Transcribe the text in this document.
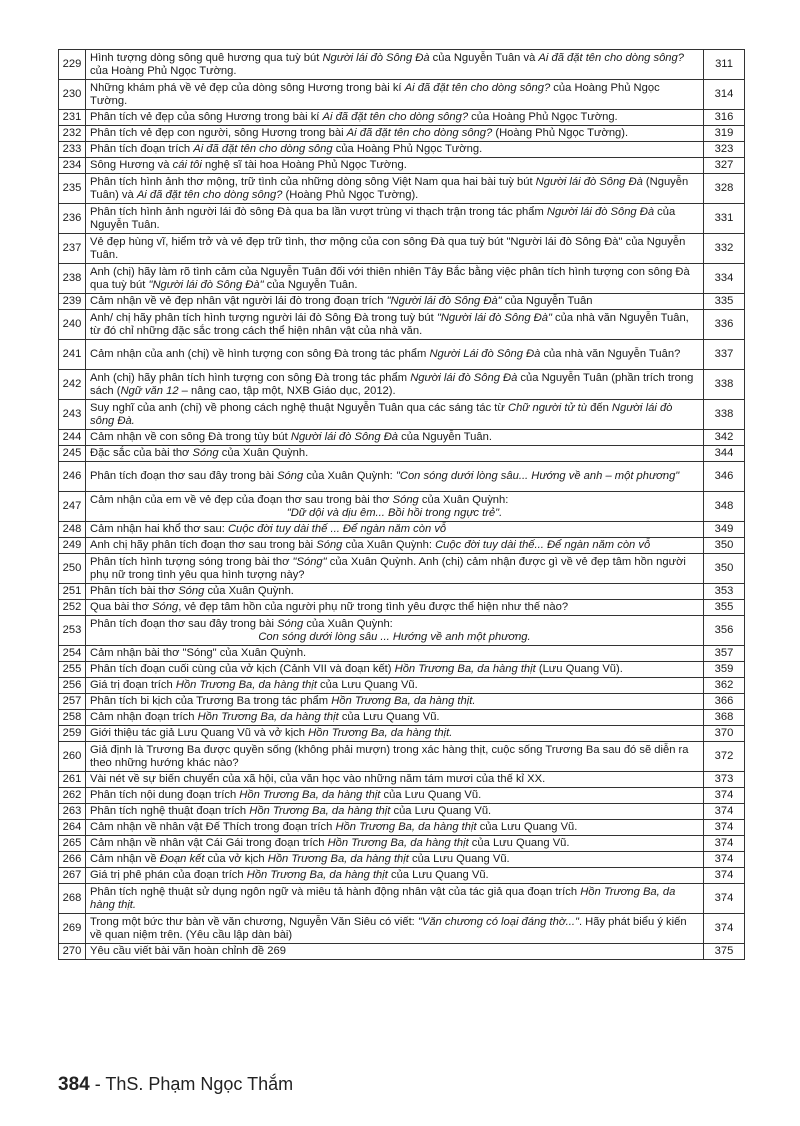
229	Hình tượng dòng sông quê hương qua tuỳ bút Người lái đò Sông Đà của Nguyễn Tuân và Ai đã đặt tên cho dòng sông? của Hoàng Phủ Ngọc Tường.	311
230	Những khám phá về vẻ đẹp của dòng sông Hương trong bài kí Ai đã đặt tên cho dòng sông? của Hoàng Phủ Ngọc Tường.	314
231	Phân tích vẻ đẹp của sông Hương trong bài kí Ai đã đặt tên cho dòng sông? của Hoàng Phủ Ngọc Tường.	316
232	Phân tích vẻ đẹp con người, sông Hương trong bài Ai đã đặt tên cho dòng sông? (Hoàng Phủ Ngọc Tường).	319
233	Phân tích đoạn trích Ai đã đặt tên cho dòng sông của Hoàng Phủ Ngọc Tường.	323
234	Sông Hương và cái tôi nghệ sĩ tài hoa Hoàng Phủ Ngọc Tường.	327
235	Phân tích hình ảnh thơ mộng, trữ tình của những dòng sông Việt Nam qua hai bài tuỳ bút Người lái đò Sông Đà (Nguyễn Tuân) và Ai đã đặt tên cho dòng sông? (Hoàng Phủ Ngọc Tường).	328
236	Phân tích hình ảnh người lái đò sông Đà qua ba lần vượt trùng vi thạch trận trong tác phẩm Người lái đò Sông Đà của Nguyễn Tuân.	331
237	Vẻ đẹp hùng vĩ, hiểm trở và vẻ đẹp trữ tình, thơ mộng của con sông Đà qua tuỳ bút "Người lái đò Sông Đà" của Nguyễn Tuân.	332
238	Anh (chị) hãy làm rõ tình cảm của Nguyễn Tuân đối với thiên nhiên Tây Bắc bằng việc phân tích hình tượng con sông Đà qua tuỳ bút "Người lái đò Sông Đà" của Nguyễn Tuân.	334
239	Cảm nhận về vẻ đẹp nhân vật người lái đò trong đoạn trích "Người lái đò Sông Đà" của Nguyễn Tuân	335
240	Anh/ chị hãy phân tích hình tượng người lái đò Sông Đà trong tuỳ bút "Người lái đò Sông Đà" của nhà văn Nguyễn Tuân, từ đó chỉ những đặc sắc trong cách thể hiện nhân vật của nhà văn.	336
241	Cảm nhận của anh (chị) về hình tượng con sông Đà trong tác phẩm Người Lái đò Sông Đà của nhà văn Nguyễn Tuân?	337
242	Anh (chị) hãy phân tích hình tượng con sông Đà trong tác phẩm Người lái đò Sông Đà của Nguyễn Tuân (phần trích trong sách (Ngữ văn 12 – nâng cao, tập một, NXB Giáo dục, 2012).	338
243	Suy nghĩ của anh (chị) về phong cách nghệ thuật Nguyễn Tuân qua các sáng tác từ Chữ người tử tù đến Người lái đò sông Đà.	338
244	Cảm nhận về con sông Đà trong tùy bút Người lái đò Sông Đà của Nguyễn Tuân.	342
245	Đặc sắc của bài thơ Sóng của Xuân Quỳnh.	344
246	Phân tích đoạn thơ sau đây trong bài Sóng của Xuân Quỳnh: "Con sóng dưới lòng sâu... Hướng về anh – một phương"	346
247	Cảm nhận của em về vẻ đẹp của đoạn thơ sau trong bài thơ Sóng của Xuân Quỳnh:
"Dữ dội và dịu êm... Bồi hồi trong ngực trẻ".	348
248	Cảm nhận hai khổ thơ sau: Cuộc đời tuy dài thế ... Để ngàn năm còn vỗ	349
249	Anh chị hãy phân tích đoạn thơ sau trong bài Sóng của Xuân Quỳnh: Cuộc đời tuy dài thế... Để ngàn năm còn vỗ	350
250	Phân tích hình tượng sóng trong bài thơ "Sóng" của Xuân Quỳnh. Anh (chị) cảm nhận được gì về vẻ đẹp tâm hồn người phụ nữ trong tình yêu qua hình tượng này?	350
251	Phân tích bài thơ Sóng của Xuân Quỳnh.	353
252	Qua bài thơ Sóng, vẻ đẹp tâm hồn của người phụ nữ trong tình yêu được thể hiện như thế nào?	355
253	Phân tích đoạn thơ sau đây trong bài Sóng của Xuân Quỳnh:
Con sóng dưới lòng sâu ... Hướng về anh một phương.	356
254	Cảm nhận bài thơ "Sóng" của Xuân Quỳnh.	357
255	Phân tích đoạn cuối cùng của vở kịch (Cảnh VII và đoạn kết) Hồn Trương Ba, da hàng thịt (Lưu Quang Vũ).	359
256	Giá trị đoạn trích Hồn Trương Ba, da hàng thịt của Lưu Quang Vũ.	362
257	Phân tích bi kịch của Trương Ba trong tác phẩm Hồn Trương Ba, da hàng thịt.	366
258	Cảm nhận đoạn trích Hồn Trương Ba, da hàng thịt của Lưu Quang Vũ.	368
259	Giới thiệu tác giả Lưu Quang Vũ và vở kịch Hồn Trương Ba, da hàng thịt.	370
260	Giả định là Trương Ba được quyền sống (không phải mượn) trong xác hàng thịt, cuộc sống Trương Ba sau đó sẽ diễn ra theo những hướng khác nào?	372
261	Vài nét về sự biến chuyển của xã hội, của văn học vào những năm tám mươi của thế kỉ XX.	373
262	Phân tích nội dung đoạn trích Hồn Trương Ba, da hàng thịt của Lưu Quang Vũ.	374
263	Phân tích nghệ thuật đoạn trích Hồn Trương Ba, da hàng thịt của Lưu Quang Vũ.	374
264	Cảm nhận về nhân vật Đế Thích trong đoạn trích Hồn Trương Ba, da hàng thịt của Lưu Quang Vũ.	374
265	Cảm nhận về nhân vật Cái Gái trong đoạn trích Hồn Trương Ba, da hàng thịt của Lưu Quang Vũ.	374
266	Cảm nhận về Đoạn kết của vở kịch Hồn Trương Ba, da hàng thịt của Lưu Quang Vũ.	374
267	Giá trị phê phán của đoạn trích Hồn Trương Ba, da hàng thịt của Lưu Quang Vũ.	374
268	Phân tích nghệ thuật sử dụng ngôn ngữ và miêu tả hành động nhân vật của tác giả qua đoạn trích Hồn Trương Ba, da hàng thịt.	374
269	Trong một bức thư bàn về văn chương, Nguyễn Văn Siêu có viết: "Văn chương có loại đáng thờ...". Hãy phát biểu ý kiến về quan niệm trên. (Yêu cầu lập dàn bài)	374
270	Yêu cầu viết bài văn hoàn chỉnh đề 269	375
384 - ThS. Phạm Ngọc Thắm
